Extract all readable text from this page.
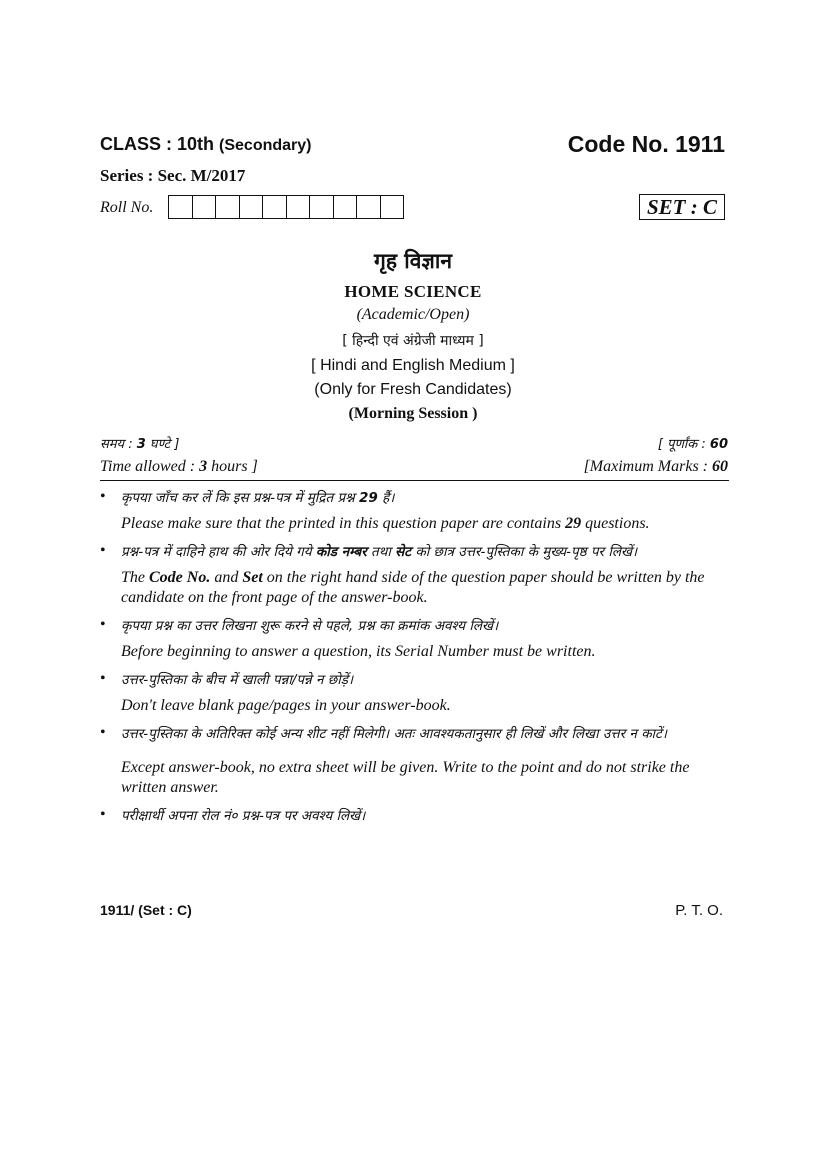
CLASS : 10th (Secondary)	Code No. 1911
Series : Sec. M/2017
Roll No.	SET : C
गृह विज्ञान
HOME SCIENCE
(Academic/Open)
[ हिन्दी एवं अंग्रेजी माध्यम ]
[ Hindi and English Medium ]
(Only for Fresh Candidates)
(Morning Session )
समय : 3 घण्टे ]	[ पूर्णांक : 60
Time allowed : 3 hours ]	[Maximum Marks : 60
• कृपया जाँच कर लें कि इस प्रश्न-पत्र में मुद्रित प्रश्न 29 हैं।

Please make sure that the printed in this question paper are contains 29 questions.

• प्रश्न-पत्र में दाहिने हाथ की ओर दिये गये कोड नम्बर तथा सेट को छात्र उत्तर-पुस्तिका के मुख्य-पृष्ठ पर लिखें।

The Code No. and Set on the right hand side of the question paper should be written by the candidate on the front page of the answer-book.

• कृपया प्रश्न का उत्तर लिखना शुरू करने से पहले, प्रश्न का क्रमांक अवश्य लिखें।

Before beginning to answer a question, its Serial Number must be written.

• उत्तर-पुस्तिका के बीच में खाली पन्ना/पन्ने न छोड़ें।

Don't leave blank page/pages in your answer-book.

• उत्तर-पुस्तिका के अतिरिक्त कोई अन्य शीट नहीं मिलेगी। अतः आवश्यकतानुसार ही लिखें और लिखा उत्तर न काटें।

Except answer-book, no extra sheet will be given. Write to the point and do not strike the written answer.

• परीक्षार्थी अपना रोल नं० प्रश्न-पत्र पर अवश्य लिखें।

1911/ (Set : C)	P. T. O.
